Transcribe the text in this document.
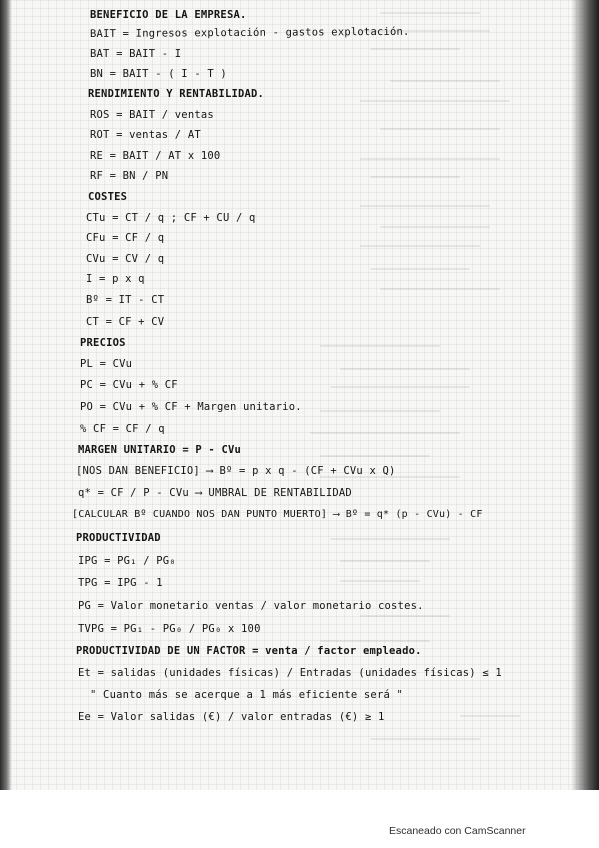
BENEFICIO DE LA EMPRESA.
BAIT = Ingresos explotación - gastos explotación.
BAT = BAIT - I
BN = BAIT - ( I - T )
RENDIMIENTO Y RENTABILIDAD.
ROS = BAIT / ventas
ROT = ventas / AT
RE = BAIT / AT x 100
RF = BN / PN
COSTES
CTu = CT / q ; CF + CU / q
CFu = CF / q
CVu = CV / q
I = p x q
Bº = IT - CT
CT = CF + CV
PRECIOS
PL = CVu
PC = CVu + % CF
PO = CVu + % CF + Margen unitario.
% CF = CF / q
MARGEN UNITARIO = P - CVu
[NOS DAN BENEFICIO] ⟶ Bº = p x q - (CF + CVu x Q)
q* = CF / P - CVu ⟶ UMBRAL DE RENTABILIDAD
[CALCULAR Bº CUANDO NOS DAN PUNTO MUERTO] ⟶ Bº = q* (p - CVu) - CF
PRODUCTIVIDAD
IPG = PG₁ / PG₀
TPG = IPG - 1
PG = Valor monetario ventas / valor monetario costes.
TVPG = PG₁ - PG₀ / PG₀ x 100
PRODUCTIVIDAD DE UN FACTOR = venta / factor empleado.
Et = salidas (unidades físicas) / Entradas (unidades físicas) ≤ 1
" Cuanto más se acerque a 1 más eficiente será "
Ee = Valor salidas (€) / valor entradas (€) ≥ 1
Escaneado con CamScanner
